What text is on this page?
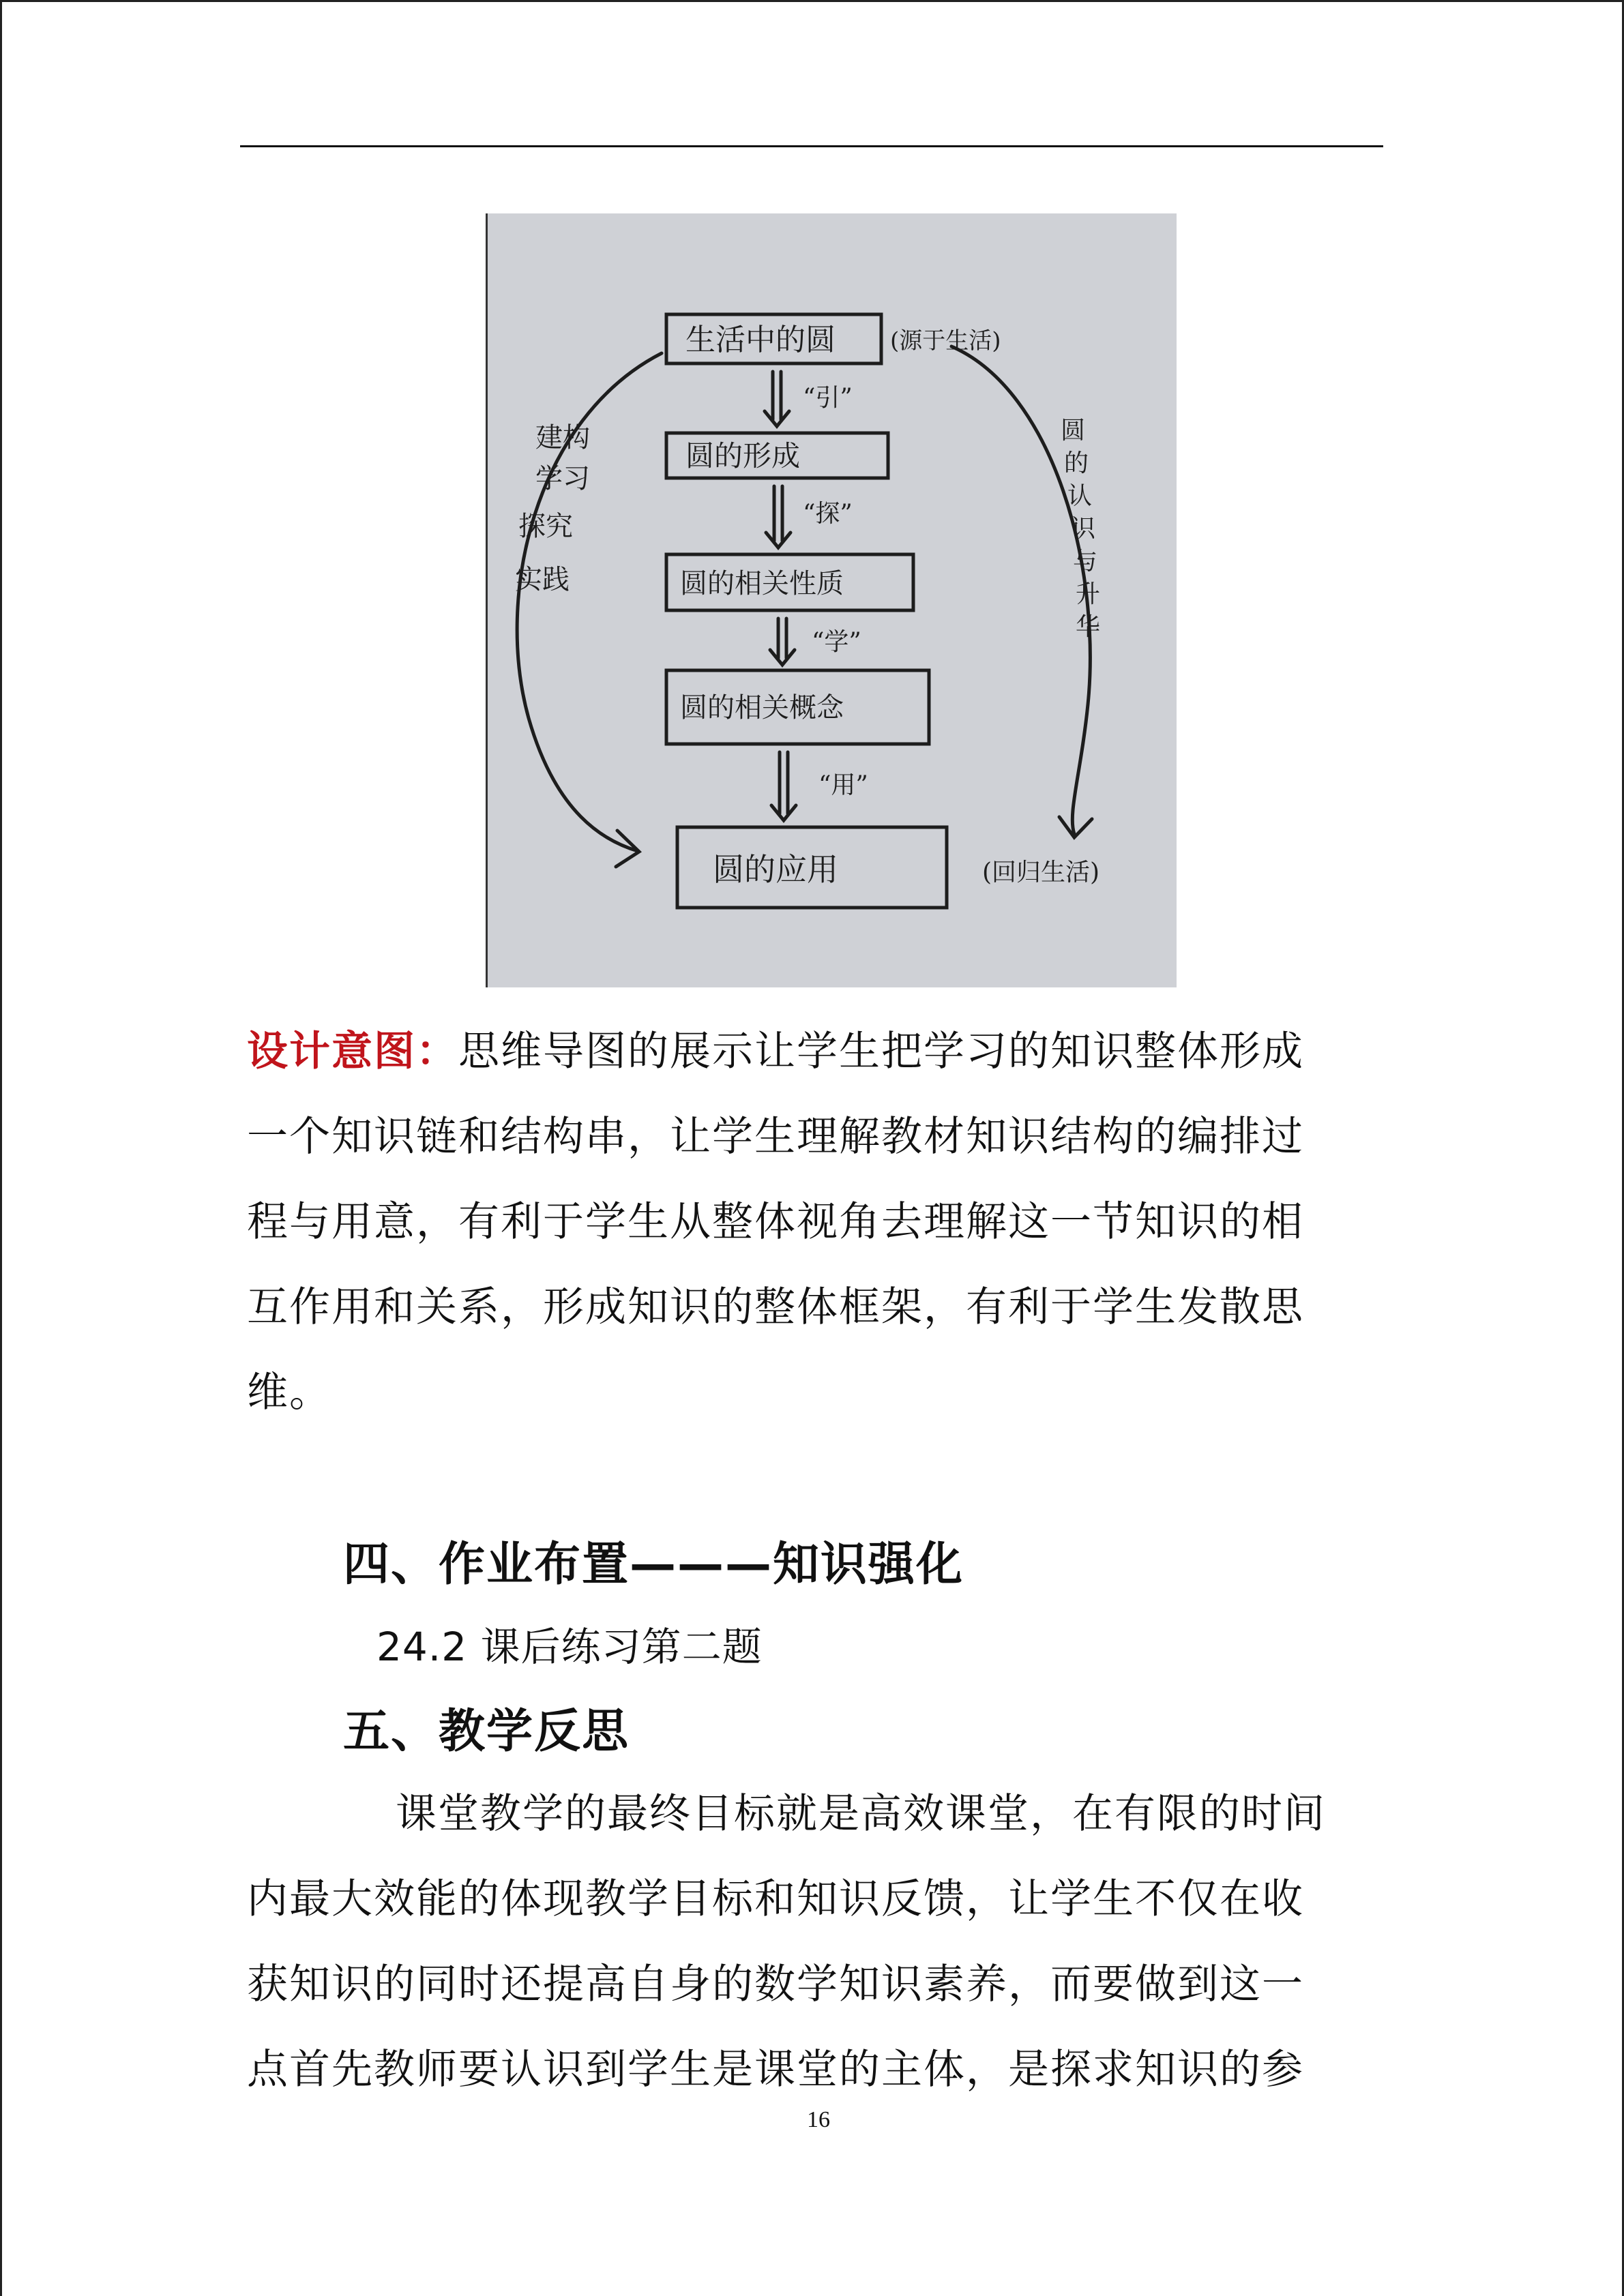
生活中的圆 (源于生活)
“引”
圆的形成
“探”
圆的相关性质
“学”
圆的相关概念
“用”
圆的应用	(回归生活)
建构
学习
探究
实践
圆
的
认
识
与
升
华
设计意图：思维导图的展示让学生把学习的知识整体形成
一个知识链和结构串，让学生理解教材知识结构的编排过
程与用意，有利于学生从整体视角去理解这一节知识的相
互作用和关系，形成知识的整体框架，有利于学生发散思
维。
四、作业布置———知识强化
24.2 课后练习第二题
五、教学反思
课堂教学的最终目标就是高效课堂，在有限的时间
内最大效能的体现教学目标和知识反馈，让学生不仅在收
获知识的同时还提高自身的数学知识素养，而要做到这一
点首先教师要认识到学生是课堂的主体，是探求知识的参
16
